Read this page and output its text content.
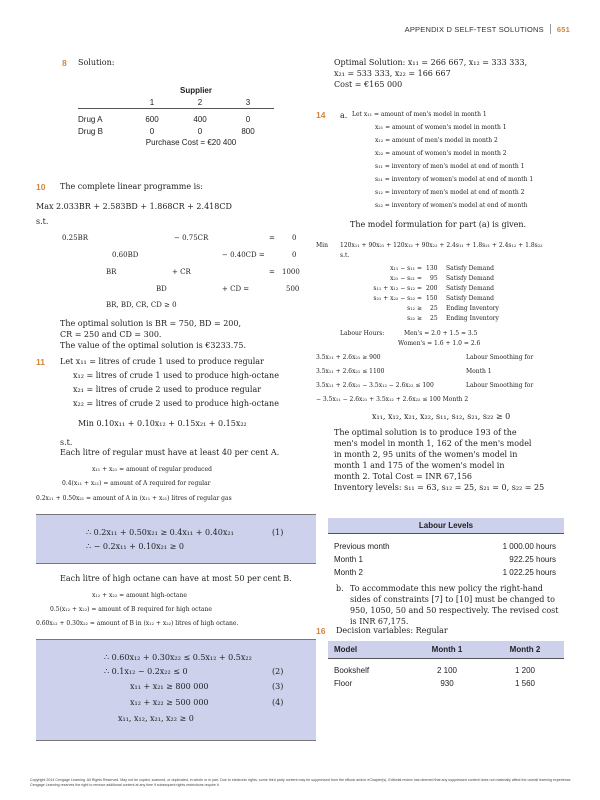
APPENDIX D SELF-TEST SOLUTIONS 651
8 Solution:
Supplier
1	2	3
Drug A	600	400	0
Drug B	0	0	800
Purchase Cost = €20 400
10 The complete linear programme is:
Max 2.033BR + 2.583BD + 1.868CR + 2.418CD
s.t.
0.25BR	− 0.75CR	= 0
0.60BD	− 0.40CD =	0
BR	+ CR	= 1000
BD	+ CD =	500
BR, BD, CR, CD ≥ 0
The optimal solution is BR = 750, BD = 200,
CR = 250 and CD = 300.
The value of the optimal solution is €3233.75.
11 Let x₁₁ = litres of crude 1 used to produce regular
x₁₂ = litres of crude 1 used to produce high-octane
x₂₁ = litres of crude 2 used to produce regular
x₂₂ = litres of crude 2 used to produce high-octane
Min 0.10x₁₁ + 0.10x₁₂ + 0.15x₂₁ + 0.15x₂₂
s.t.
Each litre of regular must have at least 40 per cent A.
x₁₁ + x₂₁ = amount of regular produced
0.4(x₁₁ + x₂₁) = amount of A required for regular
0.2x₁₁ + 0.50x₂₁ = amount of A in (x₁₁ + x₂₁) litres of regular gas
∴ 0.2x₁₁ + 0.50x₂₁ ≥ 0.4x₁₁ + 0.40x₂₁	(1)
∴ − 0.2x₁₁ + 0.10x₂₁ ≥ 0
Each litre of high octane can have at most 50 per cent B.
x₁₂ + x₂₂ = amount high-octane
0.5(x₁₂ + x₂₂) = amount of B required for high octane
0.60x₁₂ + 0.30x₂₂ = amount of B in (x₁₂ + x₂₂) litres of high octane.
∴ 0.60x₁₂ + 0.30x₂₂ ≤ 0.5x₁₂ + 0.5x₂₂
∴ 0.1x₁₂ − 0.2x₂₂ ≤ 0	(2)
x₁₁ + x₂₁ ≥ 800 000	(3)
x₁₂ + x₂₂ ≥ 500 000	(4)
x₁₁, x₁₂, x₂₁, x₂₂ ≥ 0
Optimal Solution: x₁₁ = 266 667, x₁₂ = 333 333,
x₂₁ = 533 333, x₂₂ = 166 667
Cost = €165 000
14 a. Let x₁₁ = amount of men's model in month 1
x₂₁ = amount of women's model in month 1
x₁₂ = amount of men's model in month 2
x₂₂ = amount of women's model in month 2
s₁₁ = inventory of men's model at end of month 1
s₂₁ = inventory of women's model at end of month 1
s₁₂ = inventory of men's model at end of month 2
s₂₂ = inventory of women's model at end of month
The model formulation for part (a) is given.
Min 120x₁₁ + 90x₂₁ + 120x₁₂ + 90x₂₂ + 2.4s₁₁ + 1.8s₂₁ + 2.4s₁₂ + 1.8s₂₂
s.t.
x₁₁ − s₁₁ = 130 Satisfy Demand
x₂₁ − s₂₁ = 95 Satisfy Demand
s₁₁ + x₁₂ − s₁₂ = 200 Satisfy Demand
s₂₁ + x₂₂ − s₂₂ = 150 Satisfy Demand
s₁₂ ≥ 25 Ending Inventory
s₂₂ ≥ 25 Ending Inventory
Labour Hours:	Men's = 2.0 + 1.5 = 3.5
Women's = 1.6 + 1.0 = 2.6
3.5x₁₁ + 2.6x₂₁ ≥ 900	Labour Smoothing for
3.5x₁₁ + 2.6x₂₁ ≤ 1100	Month 1
3.5x₁₁ + 2.6x₂₁ − 3.5x₁₂ − 2.6x₂₂ ≤ 100	Labour Smoothing for
− 3.5x₁₁ − 2.6x₂₁ + 3.5x₁₂ + 2.6x₂₂ ≤ 100 Month 2
x₁₁, x₁₂, x₂₁, x₂₂, s₁₁, s₁₂, s₂₁, s₂₂ ≥ 0
The optimal solution is to produce 193 of the
men's model in month 1, 162 of the men's model
in month 2, 95 units of the women's model in
month 1 and 175 of the women's model in
month 2. Total Cost = INR 67,156
Inventory levels: s₁₁ = 63, s₁₂ = 25, s₂₁ = 0, s₂₂ = 25
Labour Levels
Previous month	1 000.00 hours
Month 1	922.25 hours
Month 2	1 022.25 hours
b. To accommodate this new policy the right-hand
sides of constraints [7] to [10] must be changed to
950, 1050, 50 and 50 respectively. The revised cost
is INR 67,175.
16 Decision variables: Regular
Model	Month 1	Month 2
Bookshelf	2 100	1 200
Floor	930	1 560
Copyright 2014 Cengage Learning. All Rights Reserved. May not be copied, scanned, or duplicated, in whole or in part. Due to electronic rights, some third party content may be suppressed from the eBook and/or eChapter(s). Editorial review has deemed that any suppressed content does not materially affect the overall learning experience. Cengage Learning reserves the right to remove additional content at any time if subsequent rights restrictions require it.
